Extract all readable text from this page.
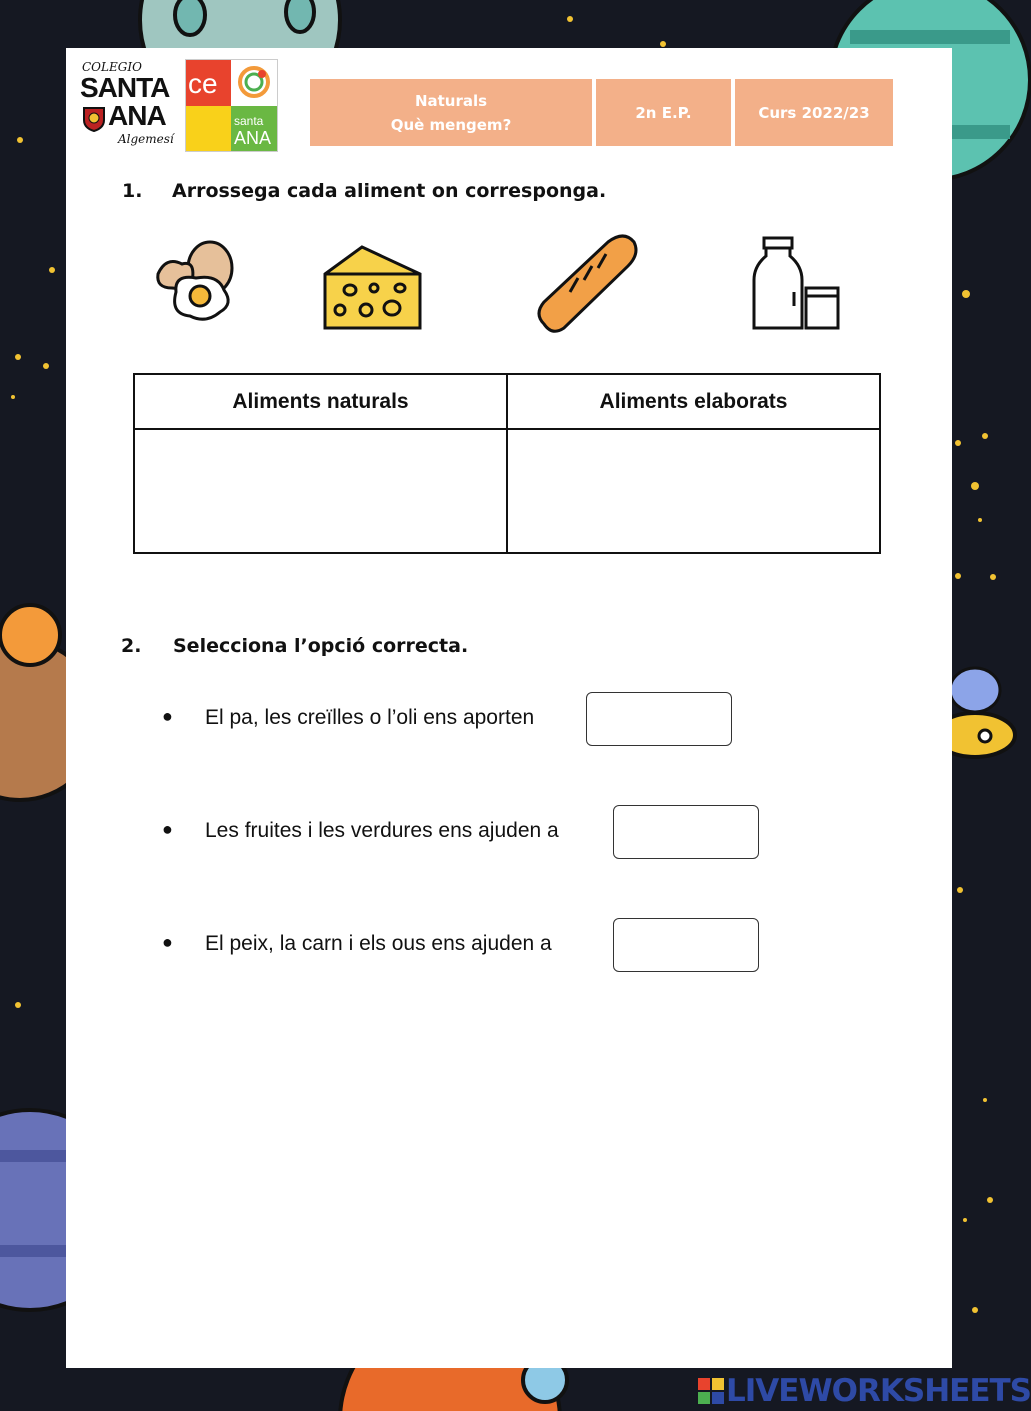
COLEGIO
SANTA
ANA
Algemesí
ce
santa
ANA
Naturals
Què mengem?
2n E.P.	Curs 2022/23
1. Arrossega cada aliment on corresponga.
Aliments naturals	Aliments elaborats

2. Selecciona l’opció correcta.
● El pa, les creïlles o l’oli ens aporten
● Les fruites i les verdures ens ajuden a
● El peix, la carn i els ous ens ajuden a
LIVEWORKSHEETS
